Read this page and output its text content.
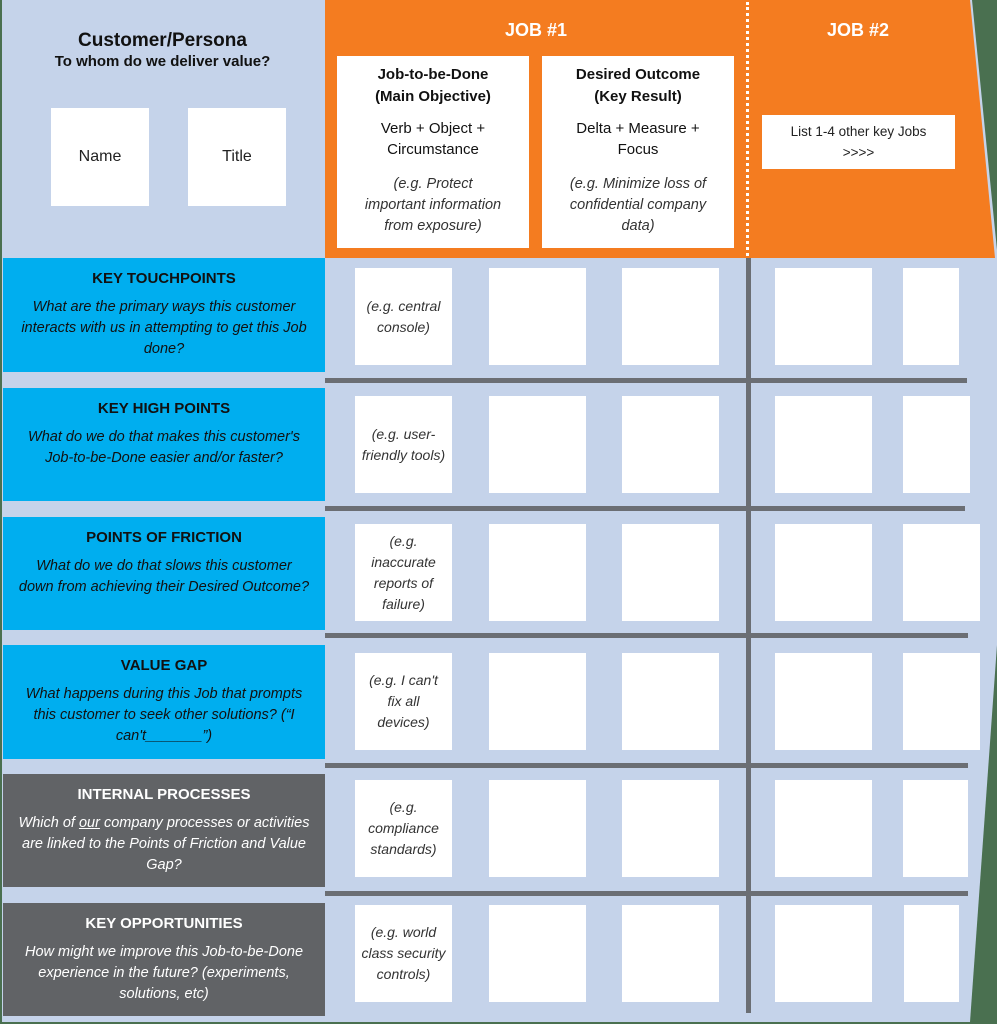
Customer/Persona
To whom do we deliver value?
Name	Title
JOB #1
Job-to-be-Done
(Main Objective)
Verb + Object +
Circumstance
(e.g. Protect
important information
from exposure)
Desired Outcome
(Key Result)
Delta + Measure +
Focus
(e.g. Minimize loss of
confidential company
data)
JOB #2
List 1-4 other key Jobs
>>>>
KEY TOUCHPOINTS
What are the primary ways this customer interacts with us in attempting to get this Job done?
KEY HIGH POINTS
What do we do that makes this customer's Job-to-be-Done easier and/or faster?
POINTS OF FRICTION
What do we do that slows this customer down from achieving their Desired Outcome?
VALUE GAP
What happens during this Job that prompts this customer to seek other solutions? (“I can't_______”)
INTERNAL PROCESSES
Which of our company processes or activities are linked to the Points of Friction and Value Gap?
KEY OPPORTUNITIES
How might we improve this Job-to-be-Done experience in the future? (experiments, solutions, etc)
(e.g. central console)
(e.g. user-friendly tools)
(e.g. inaccurate reports of failure)
(e.g. I can't fix all devices)
(e.g. compliance standards)
(e.g. world class security controls)
